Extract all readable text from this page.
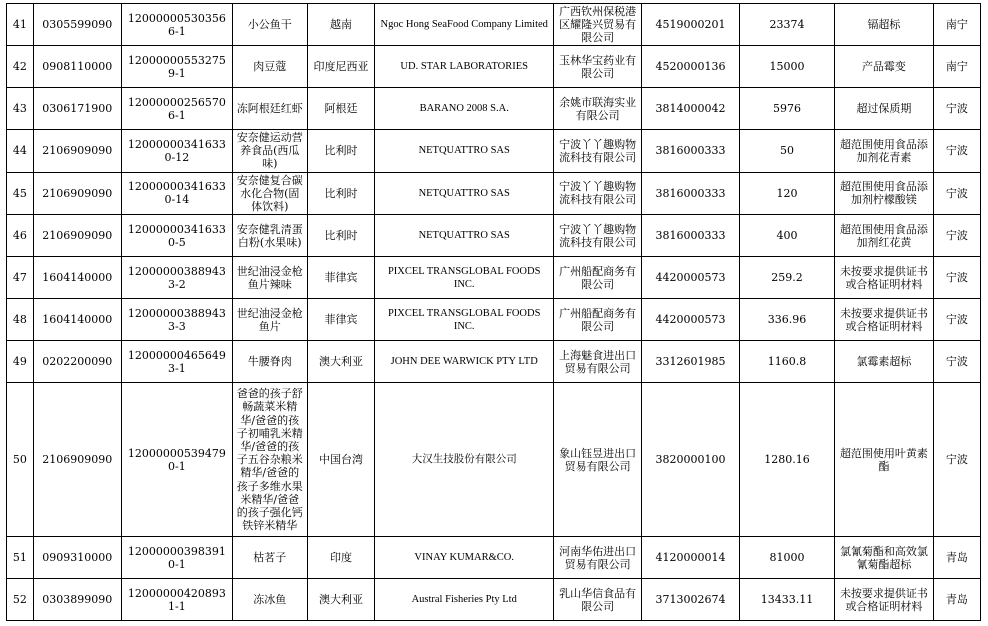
41	0305599090	120000005303566-1	小公鱼干	越南	Ngoc Hong SeaFood Company Limited	广西钦州保税港区耀隆兴贸易有限公司	4519000201	23374	镉超标	南宁
42	0908110000	120000005532759-1	肉豆蔻	印度尼西亚	UD. STAR LABORATORIES	玉林华宝药业有限公司	4520000136	15000	产品霉变	南宁
43	0306171900	120000002565706-1	冻阿根廷红虾	阿根廷	BARANO 2008 S.A.	余姚市联海实业有限公司	3814000042	5976	超过保质期	宁波
44	2106909090	120000003416330-12	安奈健运动营养食品(西瓜味)	比利时	NETQUATTRO SAS	宁波丫丫趣购物流科技有限公司	3816000333	50	超范围使用食品添加剂花青素	宁波
45	2106909090	120000003416330-14	安奈健复合碳水化合物(固体饮料)	比利时	NETQUATTRO SAS	宁波丫丫趣购物流科技有限公司	3816000333	120	超范围使用食品添加剂柠檬酸镁	宁波
46	2106909090	120000003416330-5	安奈健乳清蛋白粉(水果味)	比利时	NETQUATTRO SAS	宁波丫丫趣购物流科技有限公司	3816000333	400	超范围使用食品添加剂红花黄	宁波
47	1604140000	120000003889433-2	世纪油浸金枪鱼片辣味	菲律宾	PIXCEL TRANSGLOBAL FOODS INC.	广州船配商务有限公司	4420000573	259.2	未按要求提供证书或合格证明材料	宁波
48	1604140000	120000003889433-3	世纪油浸金枪鱼片	菲律宾	PIXCEL TRANSGLOBAL FOODS INC.	广州船配商务有限公司	4420000573	336.96	未按要求提供证书或合格证明材料	宁波
49	0202200090	120000004656493-1	牛腰脊肉	澳大利亚	JOHN DEE WARWICK PTY LTD	上海魅食进出口贸易有限公司	3312601985	1160.8	氯霉素超标	宁波
50	2106909090	120000005394790-1	爸爸的孩子舒畅蔬菜米精华/爸爸的孩子初哺乳米精华/爸爸的孩子五谷杂粮米精华/爸爸的孩子多维水果米精华/爸爸的孩子强化钙铁锌米精华	中国台湾	大汉生技股份有限公司	象山钰昱进出口贸易有限公司	3820000100	1280.16	超范围使用叶黄素酯	宁波
51	0909310000	120000003983910-1	枯茗子	印度	VINAY KUMAR&CO.	河南华佑进出口贸易有限公司	4120000014	81000	氯氰菊酯和高效氯氰菊酯超标	青岛
52	0303899090	120000004208931-1	冻冰鱼	澳大利亚	Austral Fisheries Pty Ltd	乳山华信食品有限公司	3713002674	13433.11	未按要求提供证书或合格证明材料	青岛
